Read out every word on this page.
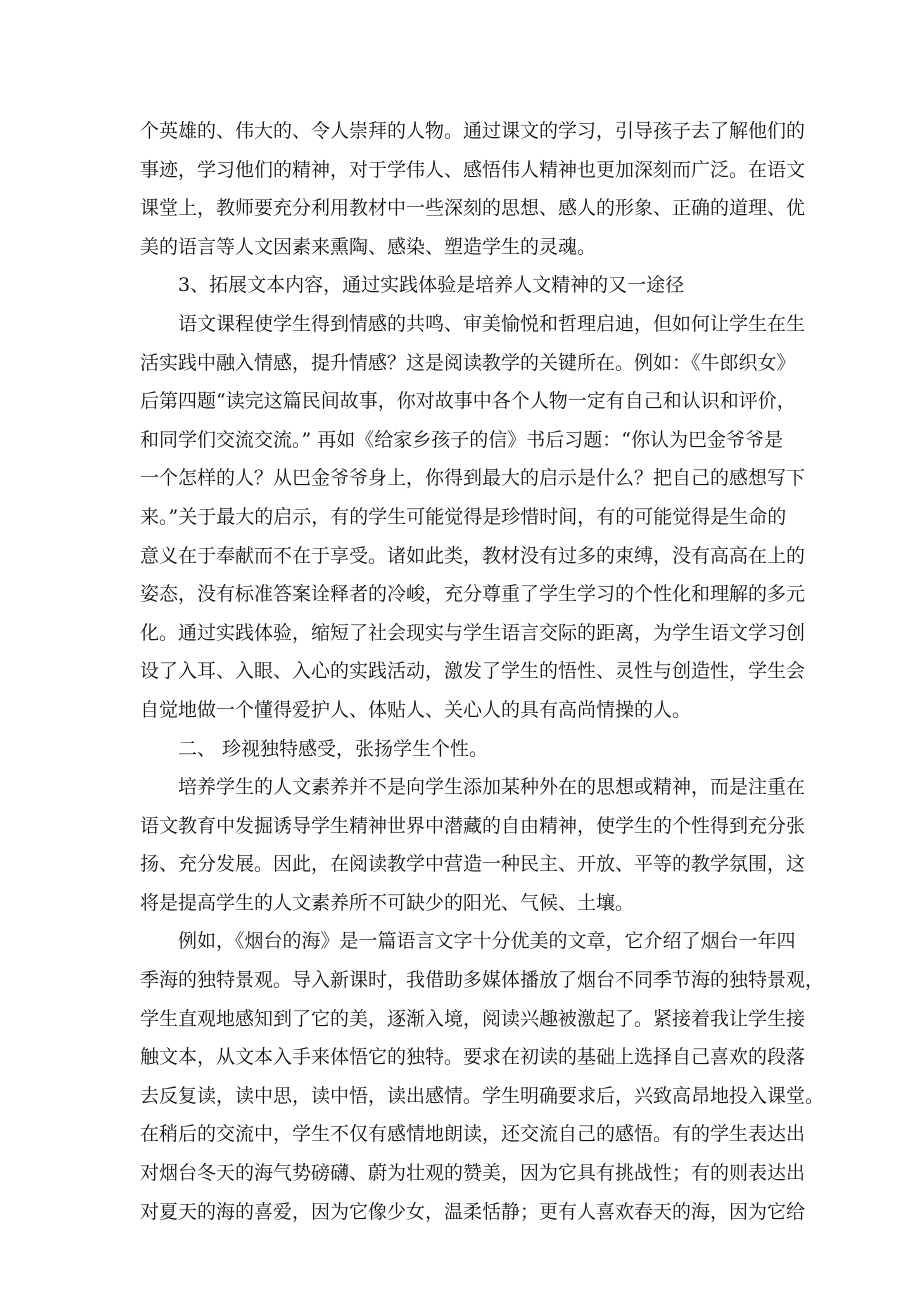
个英雄的、伟大的、令人崇拜的人物。通过课文的学习，引导孩子去了解他们的
事迹，学习他们的精神，对于学伟人、感悟伟人精神也更加深刻而广泛。在语文
课堂上，教师要充分利用教材中一些深刻的思想、感人的形象、正确的道理、优
美的语言等人文因素来熏陶、感染、塑造学生的灵魂。
3、拓展文本内容，通过实践体验是培养人文精神的又一途径
语文课程使学生得到情感的共鸣、审美愉悦和哲理启迪，但如何让学生在生
活实践中融入情感，提升情感？这是阅读教学的关键所在。例如：《牛郎织女》
后第四题“读完这篇民间故事，你对故事中各个人物一定有自己和认识和评价，
和同学们交流交流。” 再如《给家乡孩子的信》书后习题：“你认为巴金爷爷是
一个怎样的人？从巴金爷爷身上，你得到最大的启示是什么？把自己的感想写下
来。”关于最大的启示，有的学生可能觉得是珍惜时间，有的可能觉得是生命的
意义在于奉献而不在于享受。诸如此类，教材没有过多的束缚，没有高高在上的
姿态，没有标准答案诠释者的冷峻，充分尊重了学生学习的个性化和理解的多元
化。通过实践体验，缩短了社会现实与学生语言交际的距离，为学生语文学习创
设了入耳、入眼、入心的实践活动，激发了学生的悟性、灵性与创造性，学生会
自觉地做一个懂得爱护人、体贴人、关心人的具有高尚情操的人。
二、 珍视独特感受，张扬学生个性。
培养学生的人文素养并不是向学生添加某种外在的思想或精神，而是注重在
语文教育中发掘诱导学生精神世界中潜藏的自由精神，使学生的个性得到充分张
扬、充分发展。因此，在阅读教学中营造一种民主、开放、平等的教学氛围，这
将是提高学生的人文素养所不可缺少的阳光、气候、土壤。
例如，《烟台的海》是一篇语言文字十分优美的文章，它介绍了烟台一年四
季海的独特景观。导入新课时，我借助多媒体播放了烟台不同季节海的独特景观，
学生直观地感知到了它的美，逐渐入境，阅读兴趣被激起了。紧接着我让学生接
触文本，从文本入手来体悟它的独特。要求在初读的基础上选择自己喜欢的段落
去反复读，读中思，读中悟，读出感情。学生明确要求后，兴致高昂地投入课堂。
在稍后的交流中，学生不仅有感情地朗读，还交流自己的感悟。有的学生表达出
对烟台冬天的海气势磅礴、蔚为壮观的赞美，因为它具有挑战性；有的则表达出
对夏天的海的喜爱，因为它像少女，温柔恬静；更有人喜欢春天的海，因为它给
